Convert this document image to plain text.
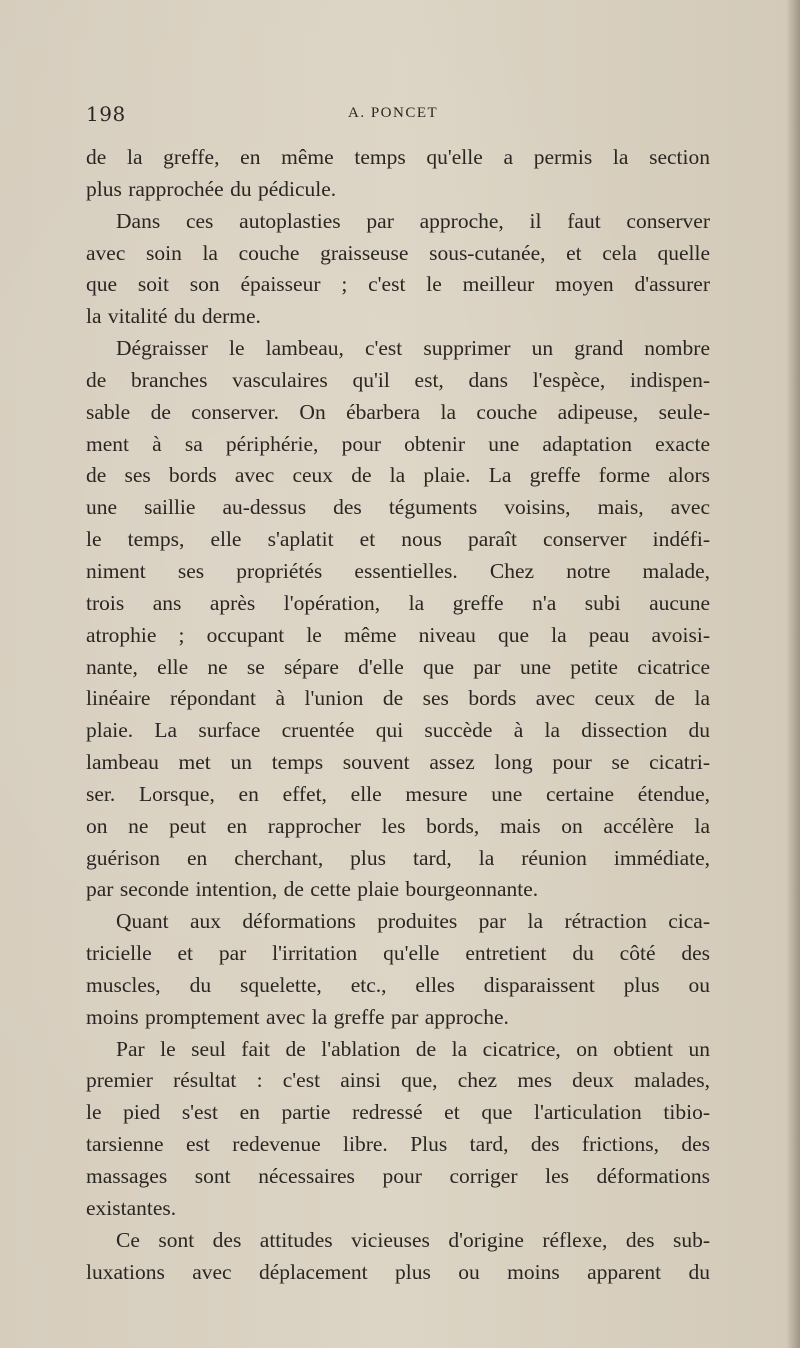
198	A. PONCET
de la greffe, en même temps qu'elle a permis la section
plus rapprochée du pédicule.
Dans ces autoplasties par approche, il faut conserver
avec soin la couche graisseuse sous-cutanée, et cela quelle
que soit son épaisseur ; c'est le meilleur moyen d'assurer
la vitalité du derme.
Dégraisser le lambeau, c'est supprimer un grand nombre
de branches vasculaires qu'il est, dans l'espèce, indispen-
sable de conserver. On ébarbera la couche adipeuse, seule-
ment à sa périphérie, pour obtenir une adaptation exacte
de ses bords avec ceux de la plaie. La greffe forme alors
une saillie au-dessus des téguments voisins, mais, avec
le temps, elle s'aplatit et nous paraît conserver indéfi-
niment ses propriétés essentielles. Chez notre malade,
trois ans après l'opération, la greffe n'a subi aucune
atrophie ; occupant le même niveau que la peau avoisi-
nante, elle ne se sépare d'elle que par une petite cicatrice
linéaire répondant à l'union de ses bords avec ceux de la
plaie. La surface cruentée qui succède à la dissection du
lambeau met un temps souvent assez long pour se cicatri-
ser. Lorsque, en effet, elle mesure une certaine étendue,
on ne peut en rapprocher les bords, mais on accélère la
guérison en cherchant, plus tard, la réunion immédiate,
par seconde intention, de cette plaie bourgeonnante.
Quant aux déformations produites par la rétraction cica-
tricielle et par l'irritation qu'elle entretient du côté des
muscles, du squelette, etc., elles disparaissent plus ou
moins promptement avec la greffe par approche.
Par le seul fait de l'ablation de la cicatrice, on obtient un
premier résultat : c'est ainsi que, chez mes deux malades,
le pied s'est en partie redressé et que l'articulation tibio-
tarsienne est redevenue libre. Plus tard, des frictions, des
massages sont nécessaires pour corriger les déformations
existantes.
Ce sont des attitudes vicieuses d'origine réflexe, des sub-
luxations avec déplacement plus ou moins apparent du
